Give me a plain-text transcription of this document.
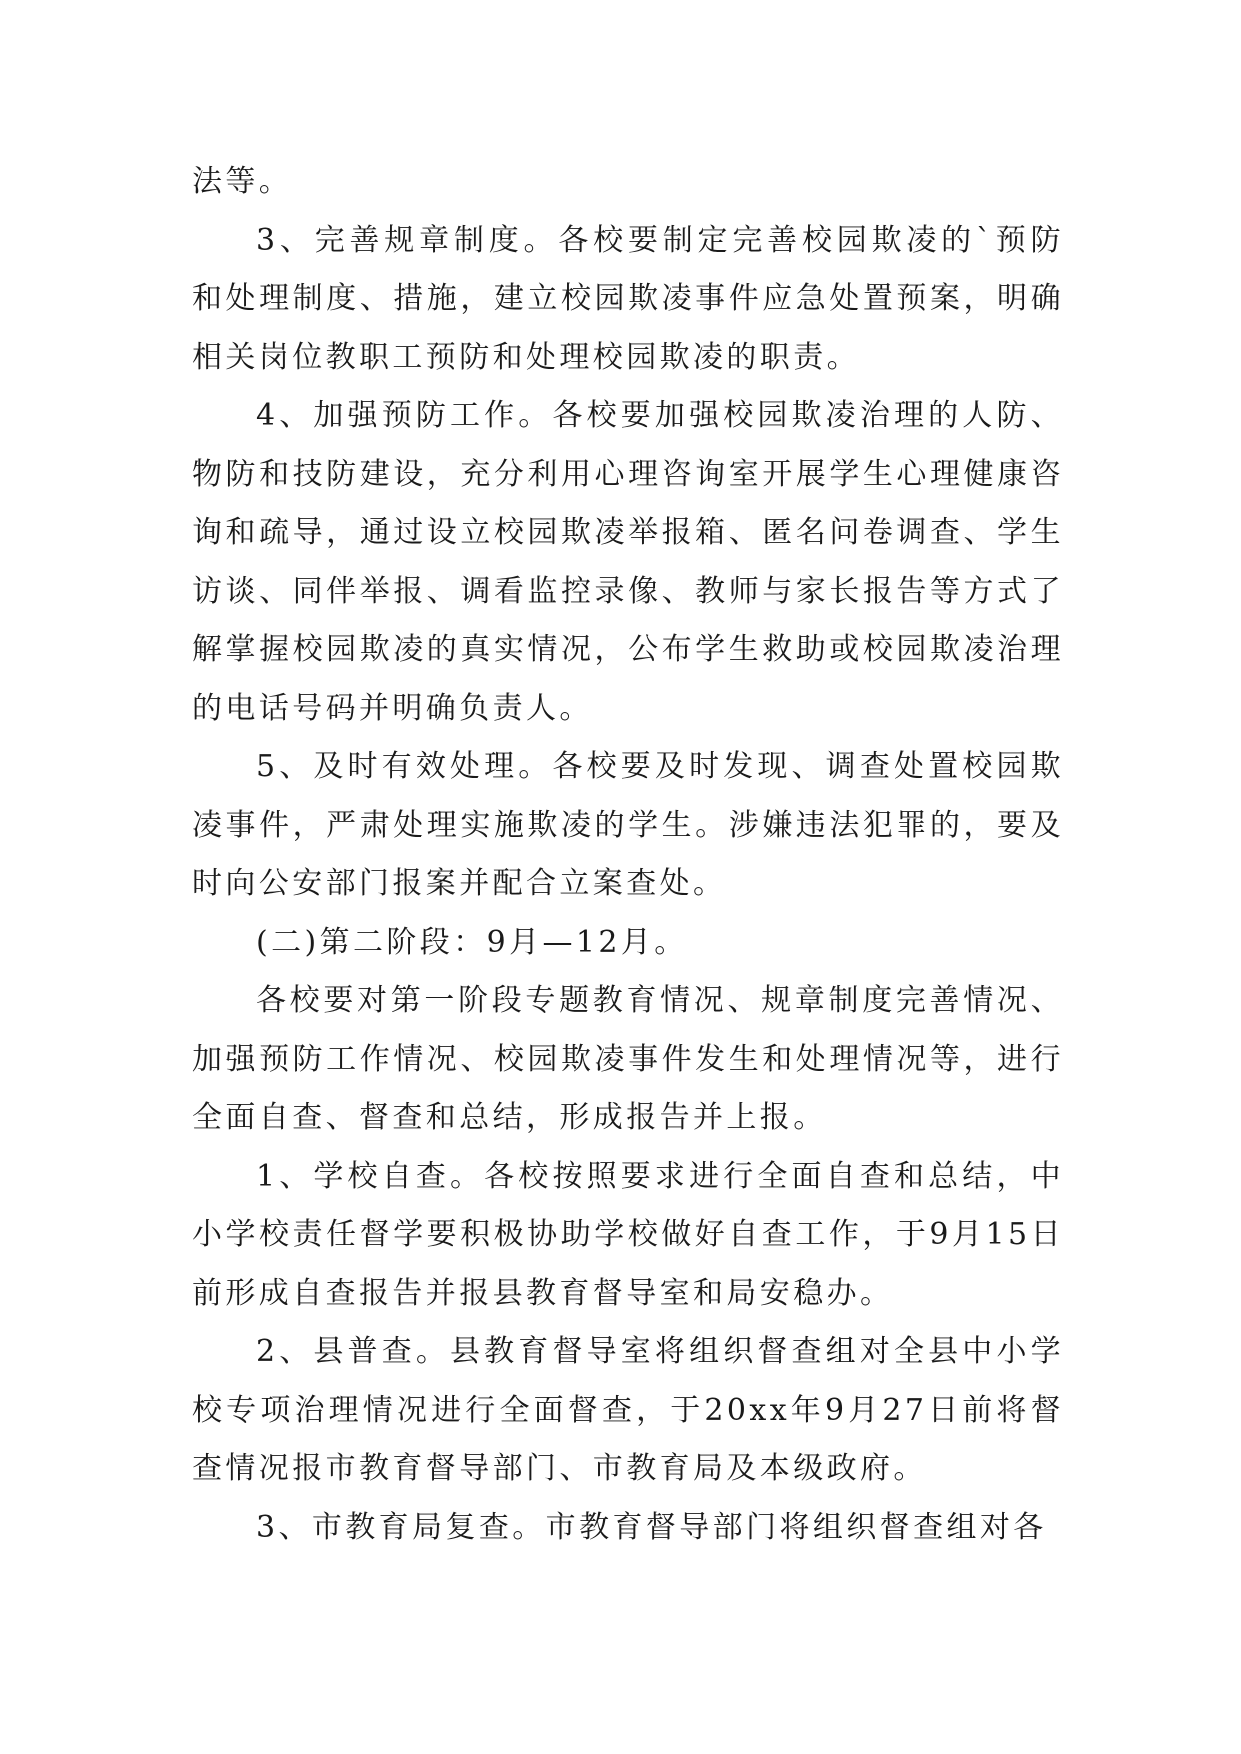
法等。

3、完善规章制度。各校要制定完善校园欺凌的`预防和处理制度、措施，建立校园欺凌事件应急处置预案，明确相关岗位教职工预防和处理校园欺凌的职责。

4、加强预防工作。各校要加强校园欺凌治理的人防、物防和技防建设，充分利用心理咨询室开展学生心理健康咨询和疏导，通过设立校园欺凌举报箱、匿名问卷调查、学生访谈、同伴举报、调看监控录像、教师与家长报告等方式了解掌握校园欺凌的真实情况，公布学生救助或校园欺凌治理的电话号码并明确负责人。

5、及时有效处理。各校要及时发现、调查处置校园欺凌事件，严肃处理实施欺凌的学生。涉嫌违法犯罪的，要及时向公安部门报案并配合立案查处。

(二)第二阶段：9月—12月。

各校要对第一阶段专题教育情况、规章制度完善情况、加强预防工作情况、校园欺凌事件发生和处理情况等，进行全面自查、督查和总结，形成报告并上报。

1、学校自查。各校按照要求进行全面自查和总结，中小学校责任督学要积极协助学校做好自查工作，于9月15日前形成自查报告并报县教育督导室和局安稳办。

2、县普查。县教育督导室将组织督查组对全县中小学校专项治理情况进行全面督查，于20xx年9月27日前将督查情况报市教育督导部门、市教育局及本级政府。

3、市教育局复查。市教育督导部门将组织督查组对各
